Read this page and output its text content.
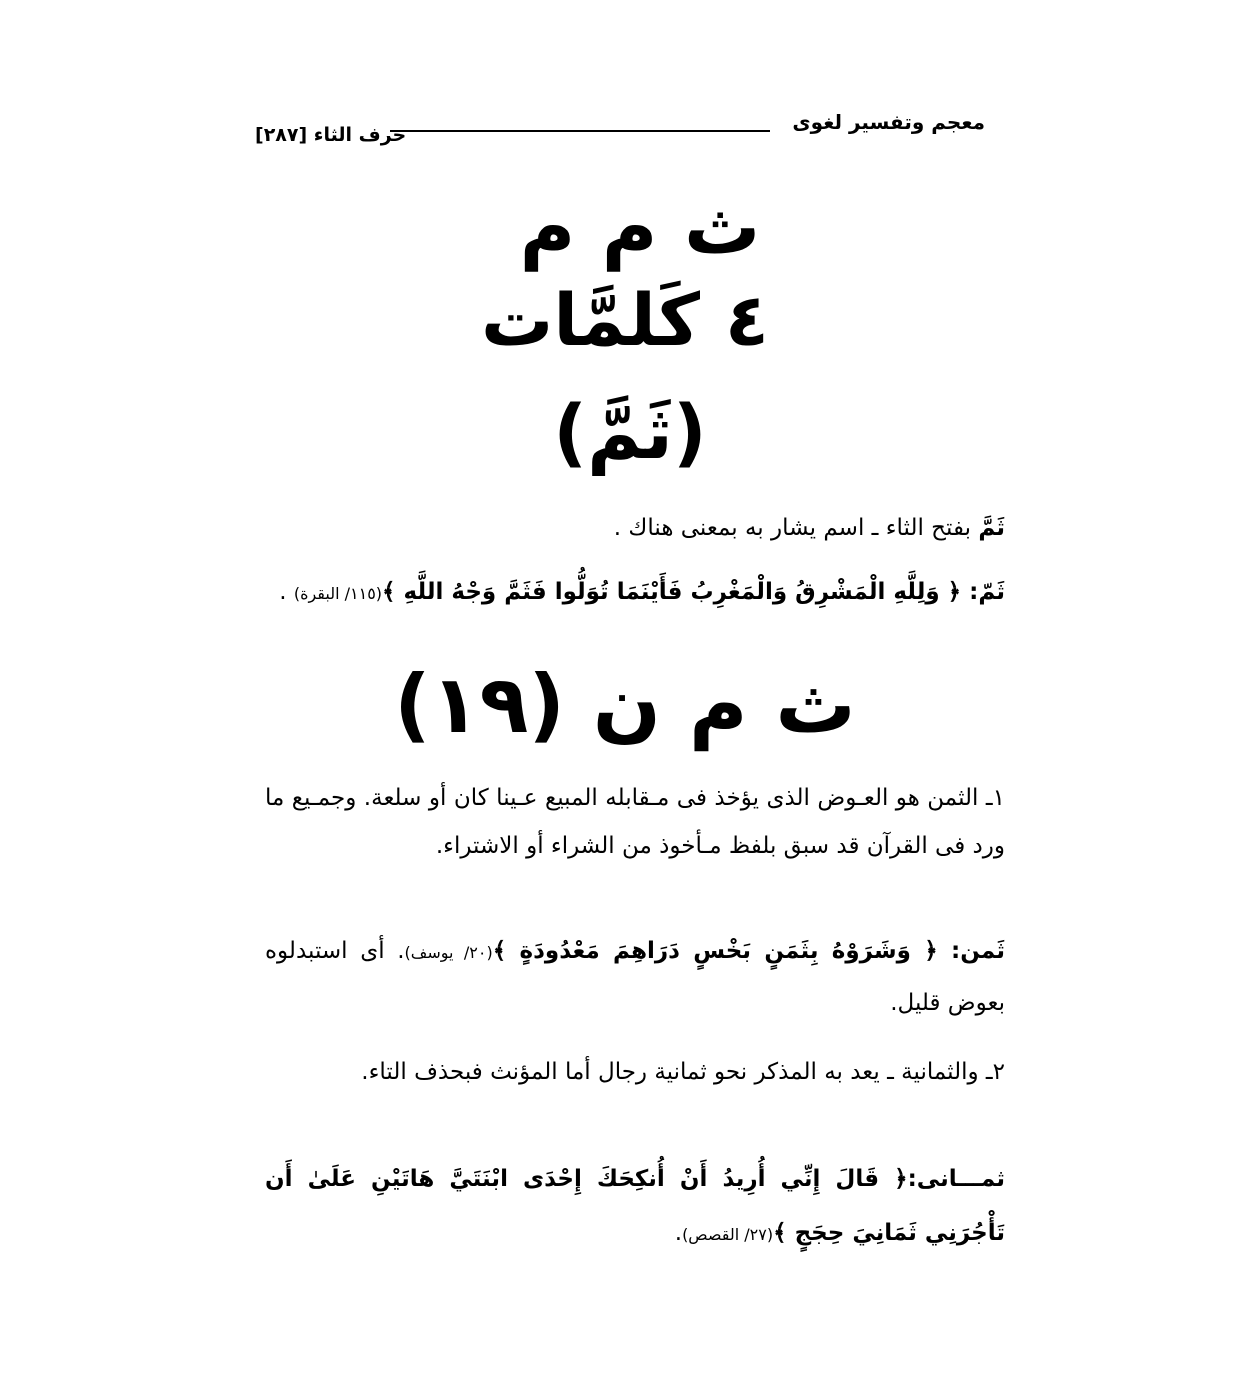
معجم وتفسير لغوى
حرف الثاء [٢٨٧]
ث م م
٤ كَلمَّات
(ثَمَّ)
ثَمَّ بفتح الثاء ـ اسم يشار به بمعنى هناك .
ثَمّ: ﴿ وَلِلَّهِ الْمَشْرِقُ وَالْمَغْرِبُ فَأَيْنَمَا تُوَلُّوا فَثَمَّ وَجْهُ اللَّهِ ﴾(١١٥/ البقرة) .
ث م ن (١٩)
١ـ الثمن هو العـوض الذى يؤخذ فى مـقابله المبيع عـينا كان أو سلعة. وجمـيع ما ورد فى القرآن قد سبق بلفظ مـأخوذ من الشراء أو الاشتراء.
ثَمن: ﴿ وَشَرَوْهُ بِثَمَنٍ بَخْسٍ دَرَاهِمَ مَعْدُودَةٍ ﴾(٢٠/ يوسف). أى استبدلوه بعوض قليل.
٢ـ والثمانية ـ يعد به المذكر نحو ثمانية رجال أما المؤنث فبحذف التاء.
ثمـــانى:﴿ قَالَ إِنِّي أُرِيدُ أَنْ أُنكِحَكَ إِحْدَى ابْنَتَيَّ هَاتَيْنِ عَلَىٰ أَن تَأْجُرَنِي ثَمَانِيَ حِجَجٍ ﴾(٢٧/ القصص).
